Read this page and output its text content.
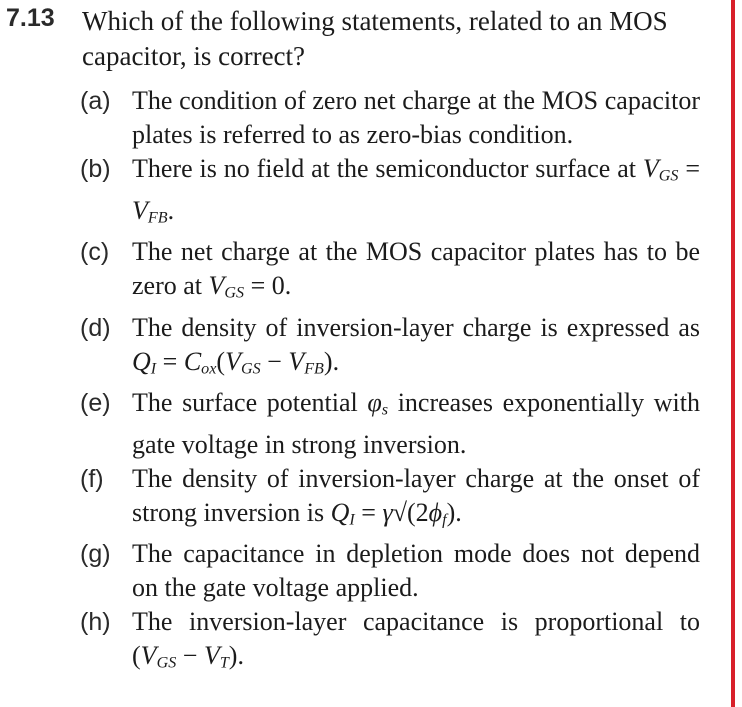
7.13 Which of the following statements, related to an MOS capacitor, is correct?

(a) The condition of zero net charge at the MOS capacitor plates is referred to as zero-bias condition.

(b) There is no field at the semiconductor surface at $V_{GS} = V_{FB}$.

(c) The net charge at the MOS capacitor plates has to be zero at $V_{GS} = 0$.

(d) The density of inversion-layer charge is expressed as $Q_I = C_{ox}(V_{GS} - V_{FB})$.

(e) The surface potential $\varphi_s$ increases exponentially with gate voltage in strong inversion.

(f) The density of inversion-layer charge at the onset of strong inversion is $Q_I = \gamma√(2\phi_f)$.

(g) The capacitance in depletion mode does not depend on the gate voltage applied.

(h) The inversion-layer capacitance is proportional to $(V_{GS} - V_T)$.
